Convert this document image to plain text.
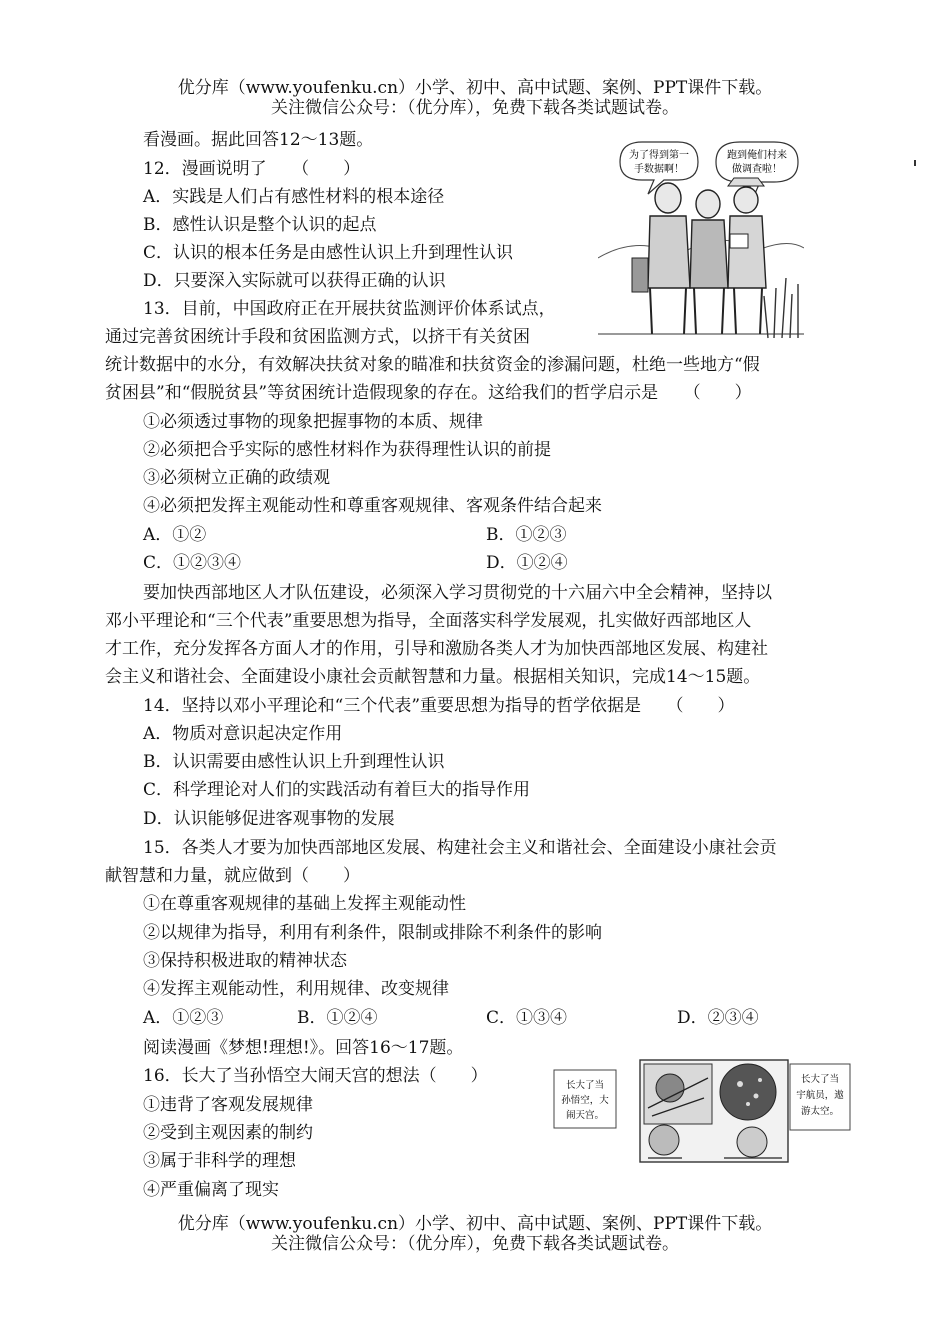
优分库（www.youfenku.cn）小学、初中、高中试题、案例、PPT课件下载。
关注微信公众号：（优分库），免费下载各类试题试卷。
看漫画。据此回答12～13题。
12．漫画说明了　　（　　）
A．实践是人们占有感性材料的根本途径
B．感性认识是整个认识的起点
C．认识的根本任务是由感性认识上升到理性认识
D．只要深入实际就可以获得正确的认识
为了得到第一
手数据啊！
跑到俺们村来
做调查啦！
13．目前，中国政府正在开展扶贫监测评价体系试点，
通过完善贫困统计手段和贫困监测方式，以挤干有关贫困
统计数据中的水分，有效解决扶贫对象的瞄准和扶贫资金的渗漏问题，杜绝一些地方“假
贫困县”和“假脱贫县”等贫困统计造假现象的存在。这给我们的哲学启示是　　（　　）
①必须透过事物的现象把握事物的本质、规律
②必须把合乎实际的感性材料作为获得理性认识的前提
③必须树立正确的政绩观
④必须把发挥主观能动性和尊重客观规律、客观条件结合起来
A．①②	B．①②③
C．①②③④	D．①②④
要加快西部地区人才队伍建设，必须深入学习贯彻党的十六届六中全会精神，坚持以
邓小平理论和“三个代表”重要思想为指导，全面落实科学发展观，扎实做好西部地区人
才工作，充分发挥各方面人才的作用，引导和激励各类人才为加快西部地区发展、构建社
会主义和谐社会、全面建设小康社会贡献智慧和力量。根据相关知识，完成14～15题。
14．坚持以邓小平理论和“三个代表”重要思想为指导的哲学依据是　　（　　）
A．物质对意识起决定作用
B．认识需要由感性认识上升到理性认识
C．科学理论对人们的实践活动有着巨大的指导作用
D．认识能够促进客观事物的发展
15．各类人才要为加快西部地区发展、构建社会主义和谐社会、全面建设小康社会贡
献智慧和力量，就应做到（　　）
①在尊重客观规律的基础上发挥主观能动性
②以规律为指导，利用有利条件，限制或排除不利条件的影响
③保持积极进取的精神状态
④发挥主观能动性，利用规律、改变规律
A．①②③	B．①②④	C．①③④	D．②③④
阅读漫画《梦想!理想!》。回答16～17题。
长大了当
孙悟空，大
闹天宫。
长大了当
宇航员，遨
游太空。
16．长大了当孙悟空大闹天宫的想法（　　）
①违背了客观发展规律
②受到主观因素的制约
③属于非科学的理想
④严重偏离了现实
优分库（www.youfenku.cn）小学、初中、高中试题、案例、PPT课件下载。
关注微信公众号：（优分库），免费下载各类试题试卷。
